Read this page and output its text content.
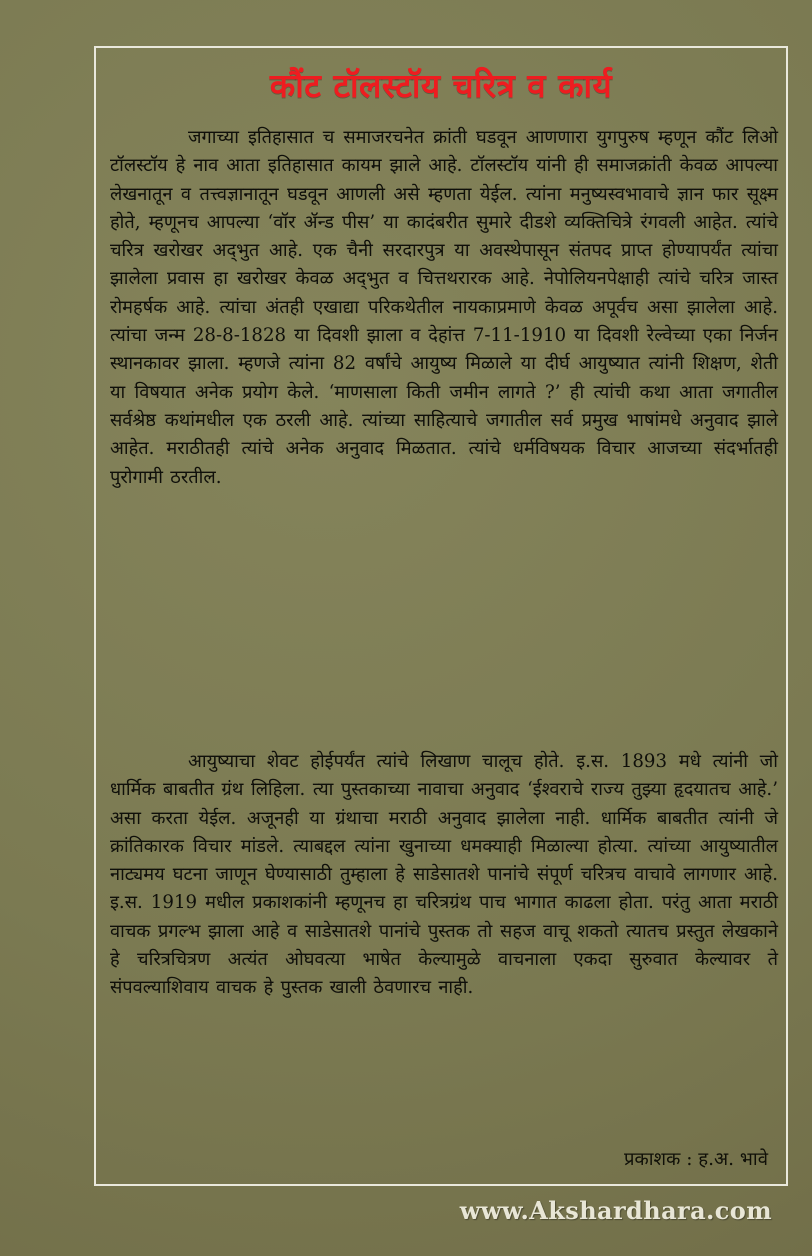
कौंट टॉलस्टॉय चरित्र व कार्य

जगाच्या इतिहासात च समाजरचनेत क्रांती घडवून आणणारा युगपुरुष म्हणून कौंट लिओ टॉलस्टॉय हे नाव आता इतिहासात कायम झाले आहे. टॉलस्टॉय यांनी ही समाजक्रांती केवळ आपल्या लेखनातून व तत्त्वज्ञानातून घडवून आणली असे म्हणता येईल. त्यांना मनुष्यस्वभावाचे ज्ञान फार सूक्ष्म होते, म्हणूनच आपल्या ‘वॉर ॲन्ड पीस’ या कादंबरीत सुमारे दीडशे व्यक्तिचित्रे रंगवली आहेत. त्यांचे चरित्र खरोखर अद्‌भुत आहे. एक चैनी सरदारपुत्र या अवस्थेपासून संतपद प्राप्त होण्यापर्यंत त्यांचा झालेला प्रवास हा खरोखर केवळ अद्‌भुत व चित्तथरारक आहे. नेपोलियनपेक्षाही त्यांचे चरित्र जास्त रोमहर्षक आहे. त्यांचा अंतही एखाद्या परिकथेतील नायकाप्रमाणे केवळ अपूर्वच असा झालेला आहे. त्यांचा जन्म 28-8-1828 या दिवशी झाला व देहांत्त 7-11-1910 या दिवशी रेल्वेच्या एका निर्जन स्थानकावर झाला. म्हणजे त्यांना 82 वर्षांचे आयुष्य मिळाले या दीर्घ आयुष्यात त्यांनी शिक्षण, शेती या विषयात अनेक प्रयोग केले. ‘माणसाला किती जमीन लागते ?’ ही त्यांची कथा आता जगातील सर्वश्रेष्ठ कथांमधील एक ठरली आहे. त्यांच्या साहित्याचे जगातील सर्व प्रमुख भाषांमधे अनुवाद झाले आहेत. मराठीतही त्यांचे अनेक अनुवाद मिळतात. त्यांचे धर्मविषयक विचार आजच्या संदर्भातही पुरोगामी ठरतील.

आयुष्याचा शेवट होईपर्यंत त्यांचे लिखाण चालूच होते. इ.स. 1893 मधे त्यांनी जो धार्मिक बाबतीत ग्रंथ लिहिला. त्या पुस्तकाच्या नावाचा अनुवाद ‘ईश्वराचे राज्य तुझ्या हृदयातच आहे.’ असा करता येईल. अजूनही या ग्रंथाचा मराठी अनुवाद झालेला नाही. धार्मिक बाबतीत त्यांनी जे क्रांतिकारक विचार मांडले. त्याबद्दल त्यांना खुनाच्या धमक्याही मिळाल्या होत्या. त्यांच्या आयुष्यातील नाट्यमय घटना जाणून घेण्यासाठी तुम्हाला हे साडेसातशे पानांचे संपूर्ण चरित्रच वाचावे लागणार आहे. इ.स. 1919 मधील प्रकाशकांनी म्हणूनच हा चरित्रग्रंथ पाच भागात काढला होता. परंतु आता मराठी वाचक प्रगल्भ झाला आहे व साडेसातशे पानांचे पुस्तक तो सहज वाचू शकतो त्यातच प्रस्तुत लेखकाने हे चरित्रचित्रण अत्यंत ओघवत्या भाषेत केल्यामुळे वाचनाला एकदा सुरुवात केल्यावर ते संपवल्याशिवाय वाचक हे पुस्तक खाली ठेवणारच नाही.

प्रकाशक : ह.अ. भावे
www.Akshardhara.com
